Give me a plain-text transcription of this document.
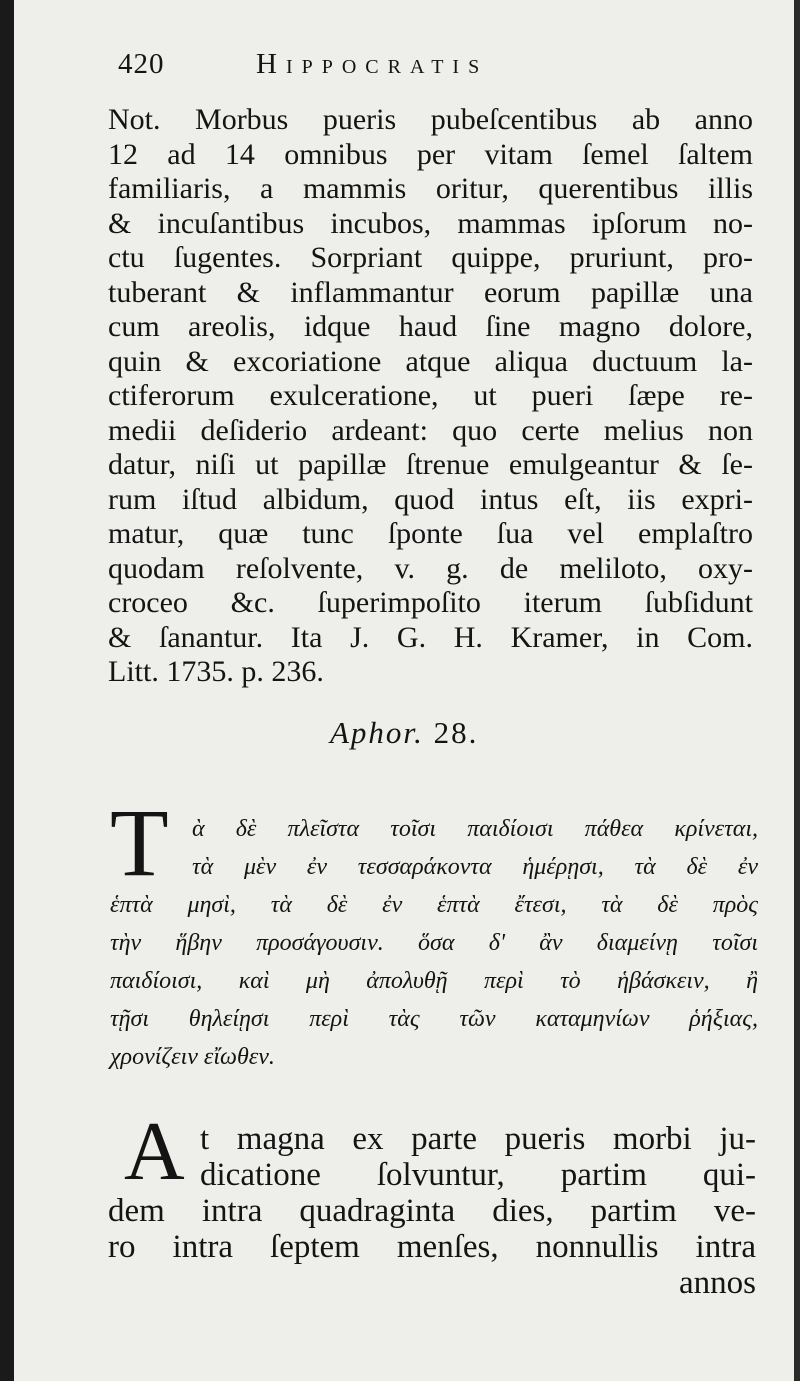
420	Hippocratis
Not. Morbus pueris pubeſcentibus ab anno
12 ad 14 omnibus per vitam ſemel ſaltem
familiaris, a mammis oritur, querentibus illis
& incuſantibus incubos, mammas ipſorum no-
ctu ſugentes. Sorpriant quippe, pruriunt, pro-
tuberant & inflammantur eorum papillæ una
cum areolis, idque haud ſine magno dolore,
quin & excoriatione atque aliqua ductuum la-
ctiferorum exulceratione, ut pueri ſæpe re-
medii deſiderio ardeant: quo certe melius non
datur, niſi ut papillæ ſtrenue emulgeantur & ſe-
rum iſtud albidum, quod intus eſt, iis expri-
matur, quæ tunc ſponte ſua vel emplaſtro
quodam reſolvente, v. g. de meliloto, oxy-
croceo &c. ſuperimpoſito iterum ſubſidunt
& ſanantur. Ita J. G. H. Kramer, in Com.
Litt. 1735. p. 236.
Aphor. 28.
T ὰ δὲ πλεῖστα τοῖσι παιδίοισι πάθεα κρίνεται,
τὰ μὲν ἐν τεσσαράκοντα ἡμέρῃσι, τὰ δὲ ἐν
ἑπτὰ μησὶ, τὰ δὲ ἐν ἑπτὰ ἔτεσι, τὰ δὲ πρὸς
τὴν ἥβην προσάγουσιν. ὅσα δ' ἂν διαμείνῃ τοῖσι
παιδίοισι, καὶ μὴ ἀπολυθῇ περὶ τὸ ἡβάσκειν, ἢ
τῇσι θηλείῃσι περὶ τὰς τῶν καταμηνίων ῥήξιας,
χρονίζειν εἴωθεν.
A t magna ex parte pueris morbi ju-
dicatione ſolvuntur, partim qui-
dem intra quadraginta dies, partim ve-
ro intra ſeptem menſes, nonnullis intra
annos
